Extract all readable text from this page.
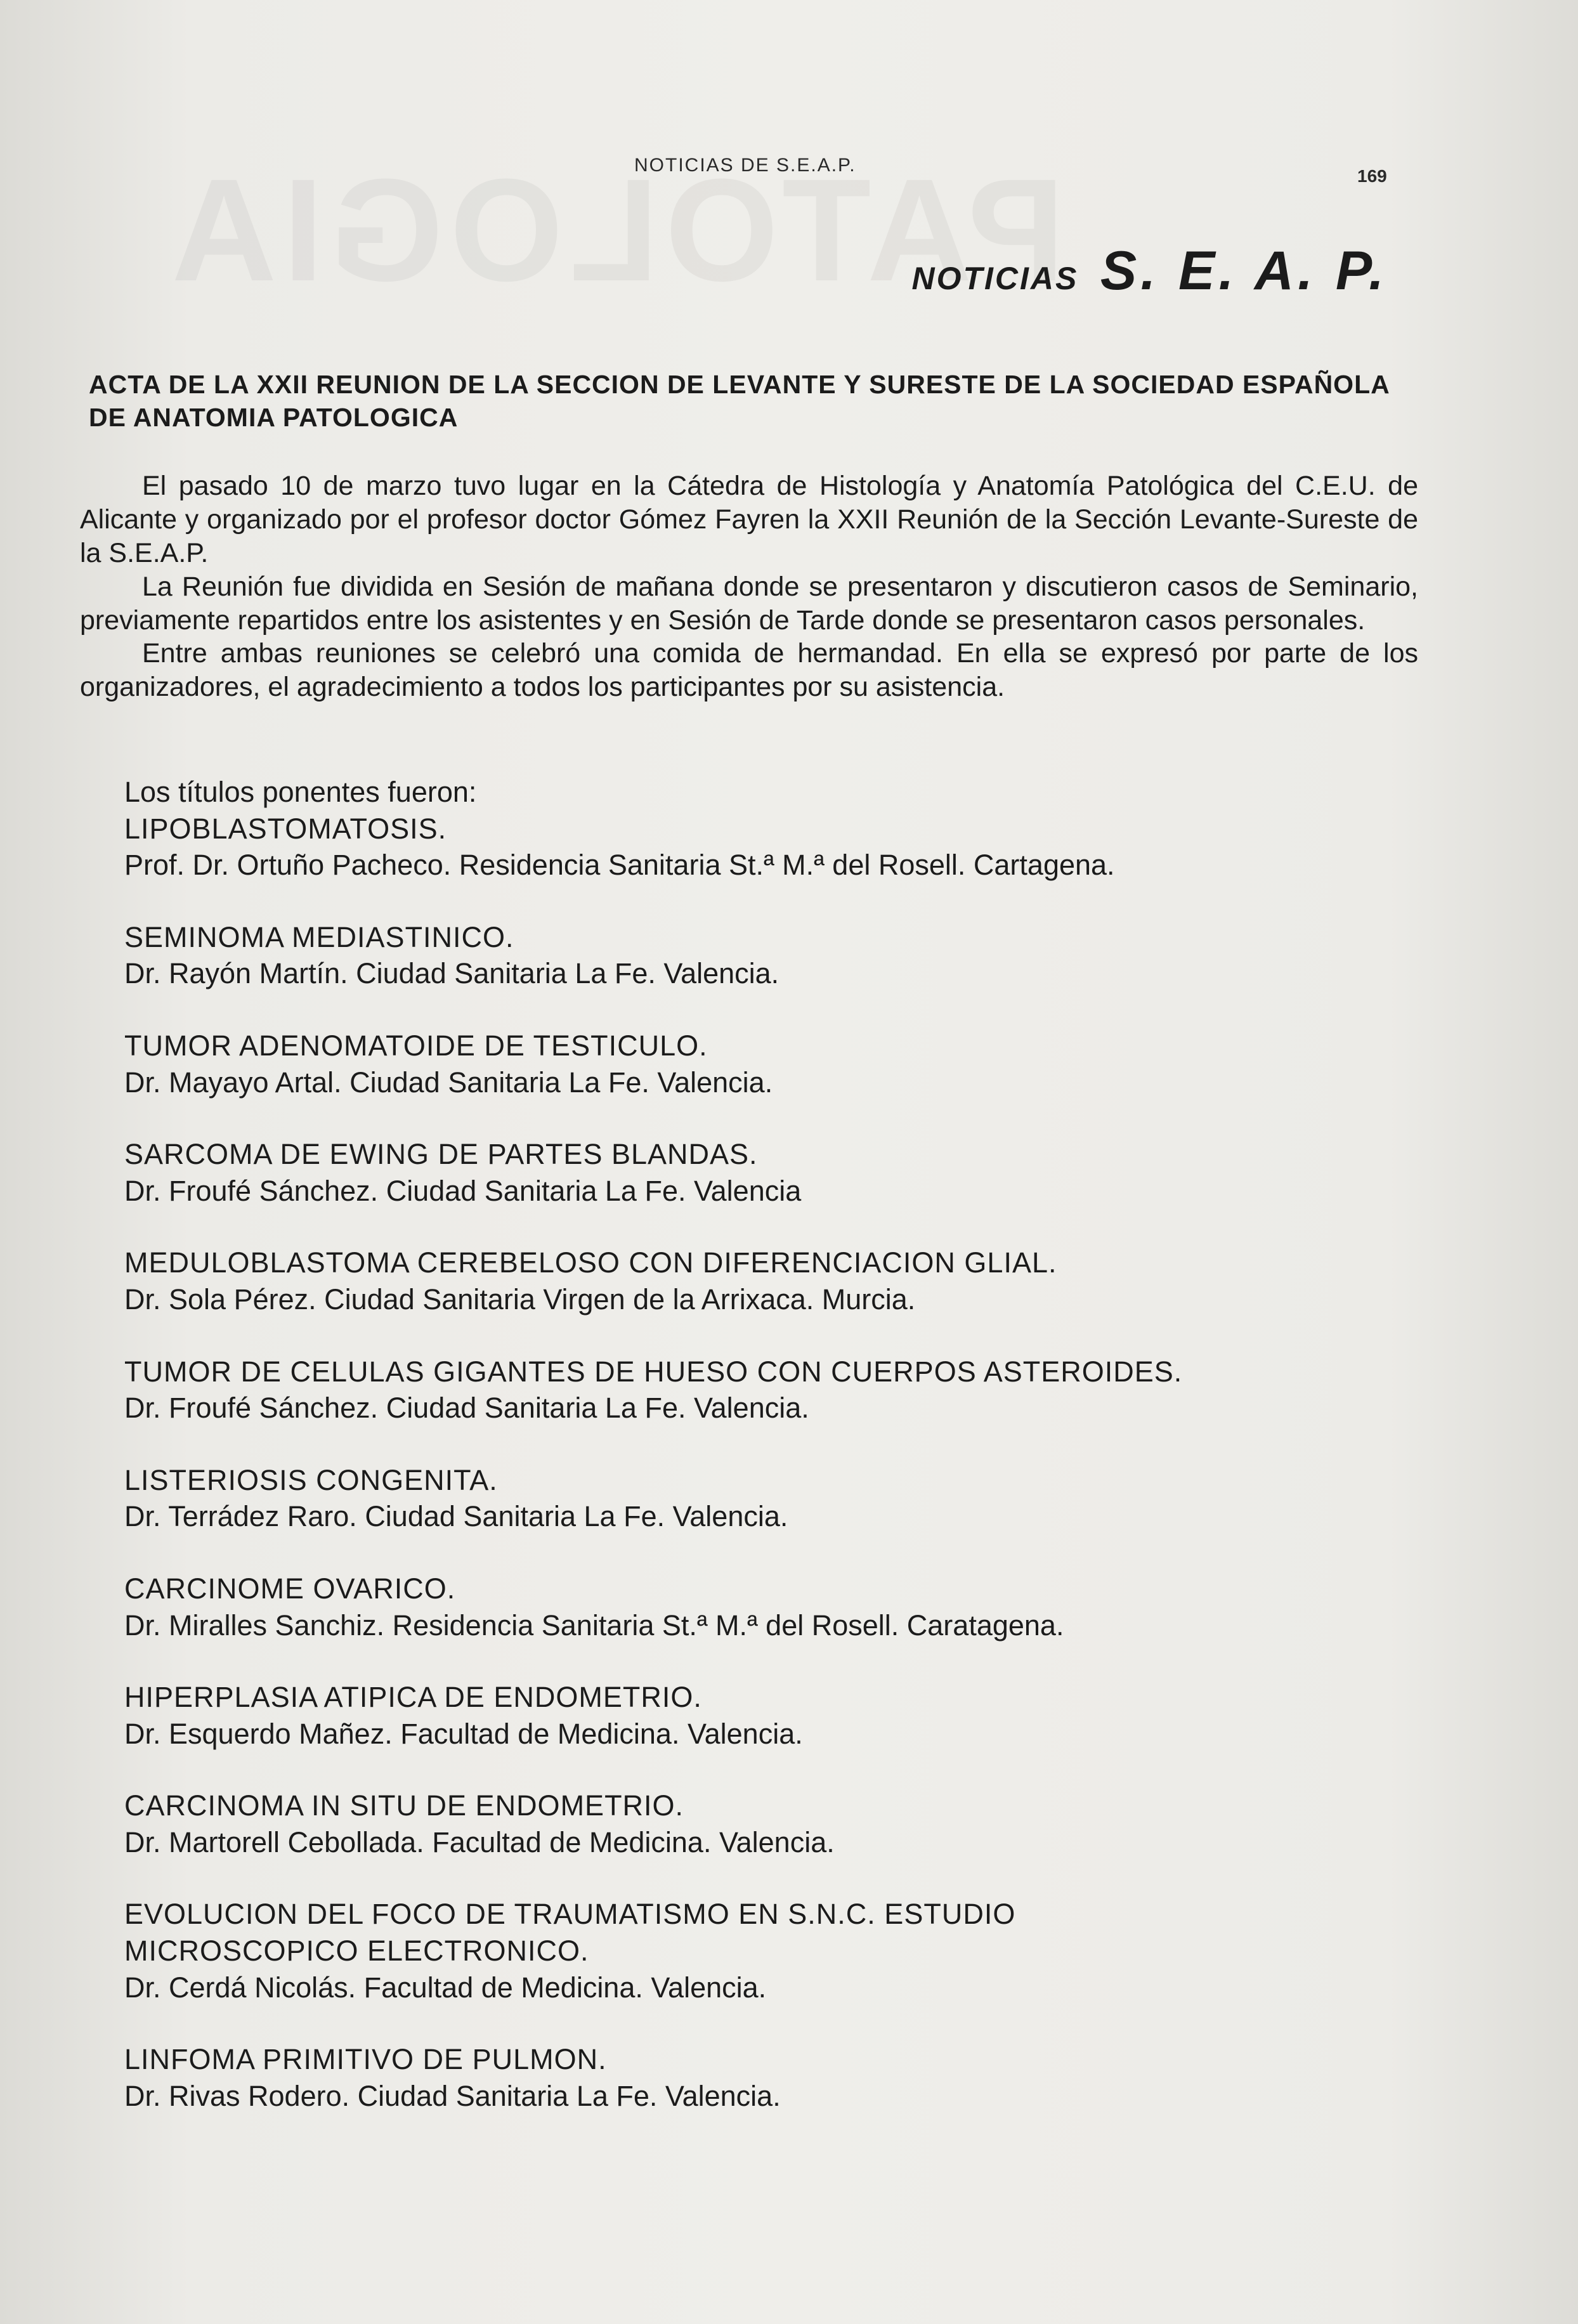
NOTICIAS DE S.E.A.P.
169
NOTICIAS S. E. A. P.
ACTA DE LA XXII REUNION DE LA SECCION DE LEVANTE Y SURESTE DE LA SOCIEDAD ESPAÑOLA DE ANATOMIA PATOLOGICA

El pasado 10 de marzo tuvo lugar en la Cátedra de Histología y Anatomía Patológica del C.E.U. de Alicante y organizado por el profesor doctor Gómez Fayren la XXII Reunión de la Sección Levante-Sureste de la S.E.A.P.

La Reunión fue dividida en Sesión de mañana donde se presentaron y discutieron casos de Seminario, previamente repartidos entre los asistentes y en Sesión de Tarde donde se presentaron casos personales.

Entre ambas reuniones se celebró una comida de hermandad. En ella se expresó por parte de los organizadores, el agradecimiento a todos los participantes por su asistencia.

Los títulos ponentes fueron:
LIPOBLASTOMATOSIS.
Prof. Dr. Ortuño Pacheco. Residencia Sanitaria St.ª M.ª del Rosell. Cartagena.
SEMINOMA MEDIASTINICO.
Dr. Rayón Martín. Ciudad Sanitaria La Fe. Valencia.
TUMOR ADENOMATOIDE DE TESTICULO.
Dr. Mayayo Artal. Ciudad Sanitaria La Fe. Valencia.
SARCOMA DE EWING DE PARTES BLANDAS.
Dr. Froufé Sánchez. Ciudad Sanitaria La Fe. Valencia
MEDULOBLASTOMA CEREBELOSO CON DIFERENCIACION GLIAL.
Dr. Sola Pérez. Ciudad Sanitaria Virgen de la Arrixaca. Murcia.
TUMOR DE CELULAS GIGANTES DE HUESO CON CUERPOS ASTEROIDES.
Dr. Froufé Sánchez. Ciudad Sanitaria La Fe. Valencia.
LISTERIOSIS CONGENITA.
Dr. Terrádez Raro. Ciudad Sanitaria La Fe. Valencia.
CARCINOME OVARICO.
Dr. Miralles Sanchiz. Residencia Sanitaria St.ª M.ª del Rosell. Caratagena.
HIPERPLASIA ATIPICA DE ENDOMETRIO.
Dr. Esquerdo Mañez. Facultad de Medicina. Valencia.
CARCINOMA IN SITU DE ENDOMETRIO.
Dr. Martorell Cebollada. Facultad de Medicina. Valencia.
EVOLUCION DEL FOCO DE TRAUMATISMO EN S.N.C. ESTUDIO MICROSCOPICO ELECTRONICO.
Dr. Cerdá Nicolás. Facultad de Medicina. Valencia.
LINFOMA PRIMITIVO DE PULMON.
Dr. Rivas Rodero. Ciudad Sanitaria La Fe. Valencia.
